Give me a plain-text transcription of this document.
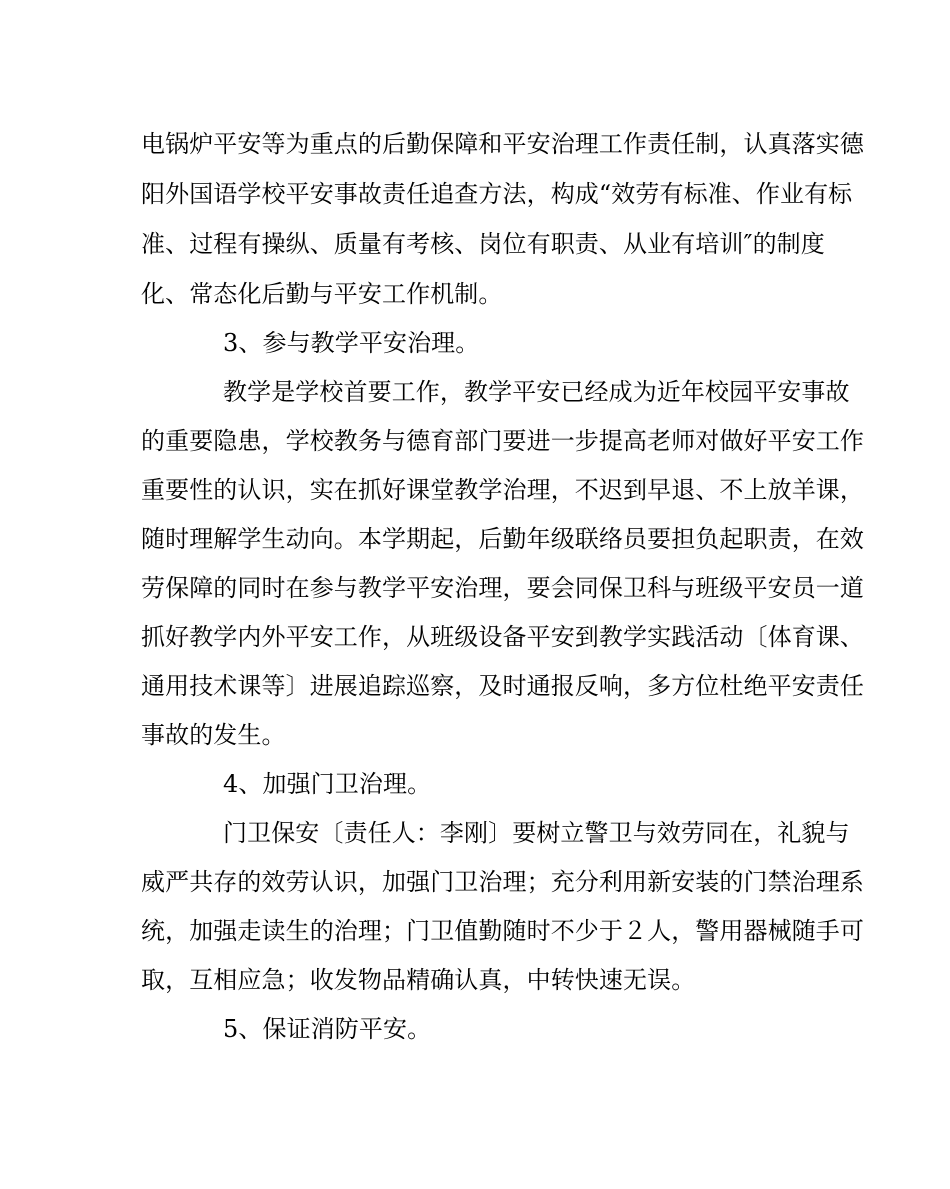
电锅炉平安等为重点的后勤保障和平安治理工作责任制，认真落实德
阳外国语学校平安事故责任追查方法，构成“效劳有标准、作业有标
准、过程有操纵、质量有考核、岗位有职责、从业有培训″的制度
化、常态化后勤与平安工作机制。
3、参与教学平安治理。
教学是学校首要工作，教学平安已经成为近年校园平安事故
的重要隐患，学校教务与德育部门要进一步提高老师对做好平安工作
重要性的认识，实在抓好课堂教学治理，不迟到早退、不上放羊课，
随时理解学生动向。本学期起，后勤年级联络员要担负起职责，在效
劳保障的同时在参与教学平安治理，要会同保卫科与班级平安员一道
抓好教学内外平安工作，从班级设备平安到教学实践活动〔体育课、
通用技术课等〕进展追踪巡察，及时通报反响，多方位杜绝平安责任
事故的发生。
4、加强门卫治理。
门卫保安〔责任人：李刚〕要树立警卫与效劳同在，礼貌与
威严共存的效劳认识，加强门卫治理；充分利用新安装的门禁治理系
统，加强走读生的治理；门卫值勤随时不少于２人，警用器械随手可
取，互相应急；收发物品精确认真，中转快速无误。
5、保证消防平安。
